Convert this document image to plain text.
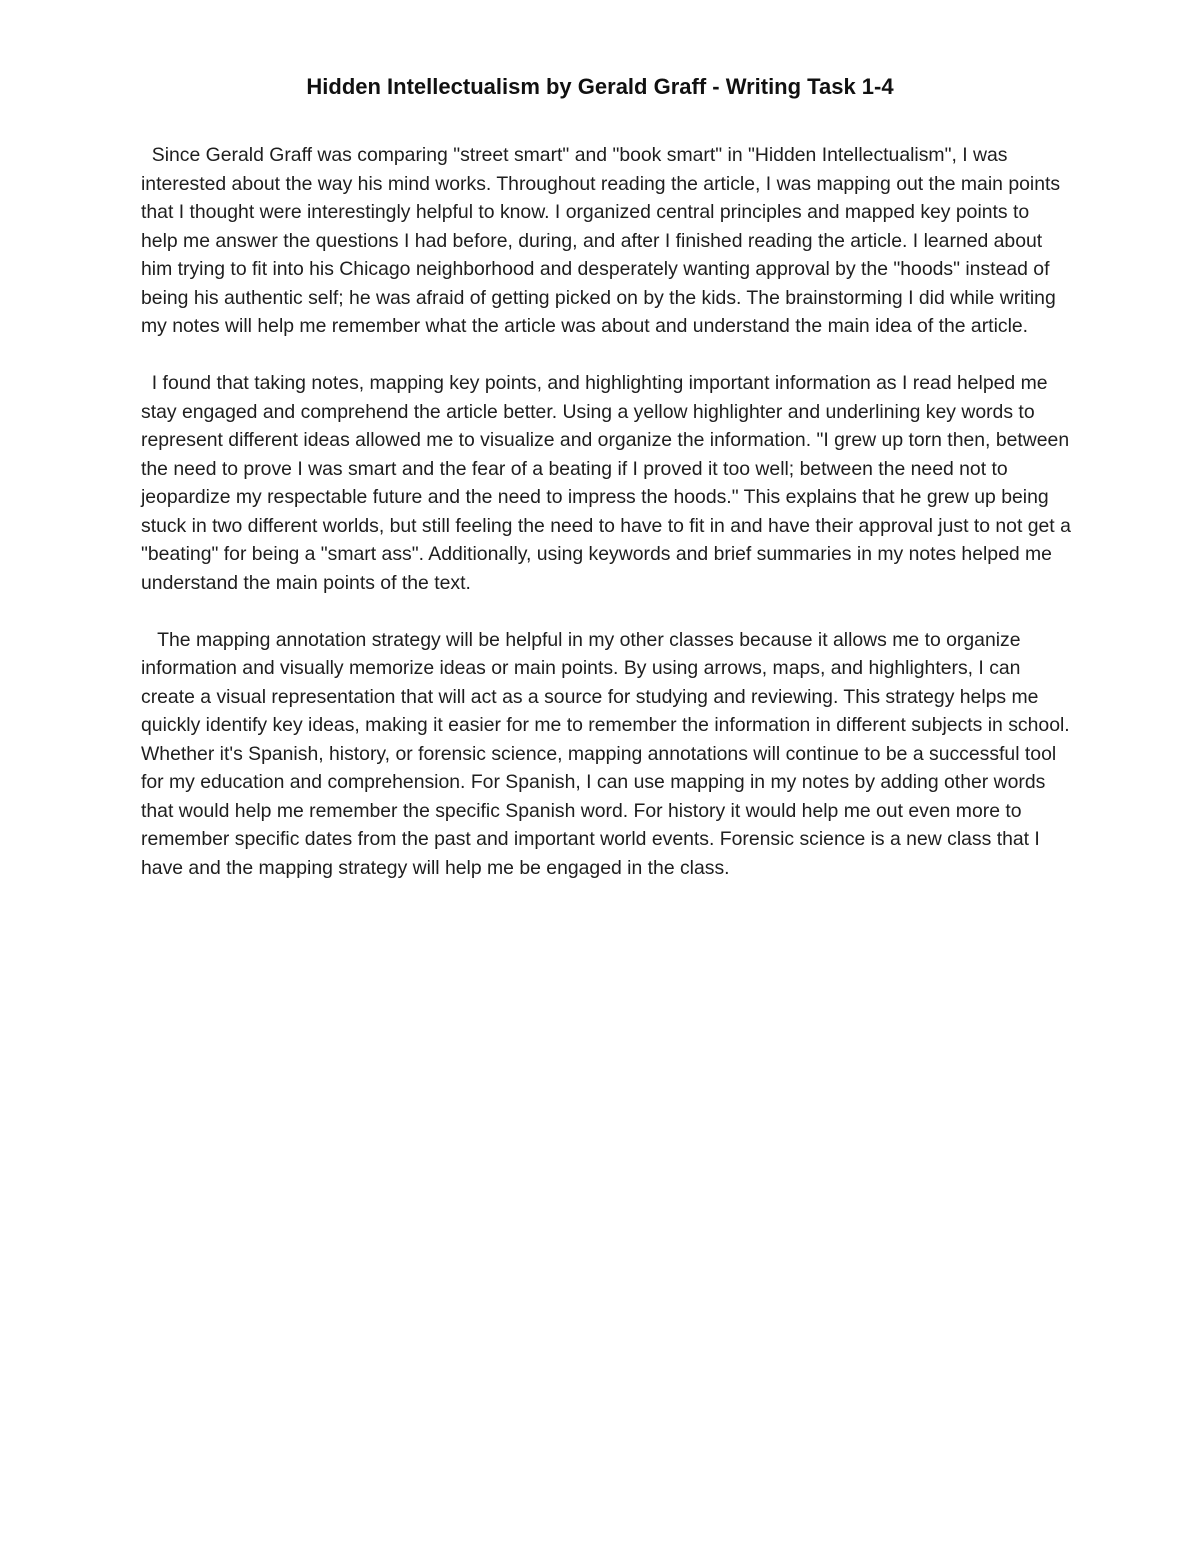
Hidden Intellectualism by Gerald Graff - Writing Task 1-4

Since Gerald Graff was comparing "street smart" and "book smart" in "Hidden Intellectualism", I was interested about the way his mind works. Throughout reading the article, I was mapping out the main points that I thought were interestingly helpful to know. I organized central principles and mapped key points to help me answer the questions I had before, during, and after I finished reading the article. I learned about him trying to fit into his Chicago neighborhood and desperately wanting approval by the "hoods" instead of being his authentic self; he was afraid of getting picked on by the kids. The brainstorming I did while writing my notes will help me remember what the article was about and understand the main idea of the article.

I found that taking notes, mapping key points, and highlighting important information as I read helped me stay engaged and comprehend the article better. Using a yellow highlighter and underlining key words to represent different ideas allowed me to visualize and organize the information. "I grew up torn then, between the need to prove I was smart and the fear of a beating if I proved it too well; between the need not to jeopardize my respectable future and the need to impress the hoods." This explains that he grew up being stuck in two different worlds, but still feeling the need to have to fit in and have their approval just to not get a "beating" for being a "smart ass". Additionally, using keywords and brief summaries in my notes helped me understand the main points of the text.

The mapping annotation strategy will be helpful in my other classes because it allows me to organize information and visually memorize ideas or main points. By using arrows, maps, and highlighters, I can create a visual representation that will act as a source for studying and reviewing. This strategy helps me quickly identify key ideas, making it easier for me to remember the information in different subjects in school. Whether it's Spanish, history, or forensic science, mapping annotations will continue to be a successful tool for my education and comprehension. For Spanish, I can use mapping in my notes by adding other words that would help me remember the specific Spanish word. For history it would help me out even more to remember specific dates from the past and important world events. Forensic science is a new class that I have and the mapping strategy will help me be engaged in the class.
